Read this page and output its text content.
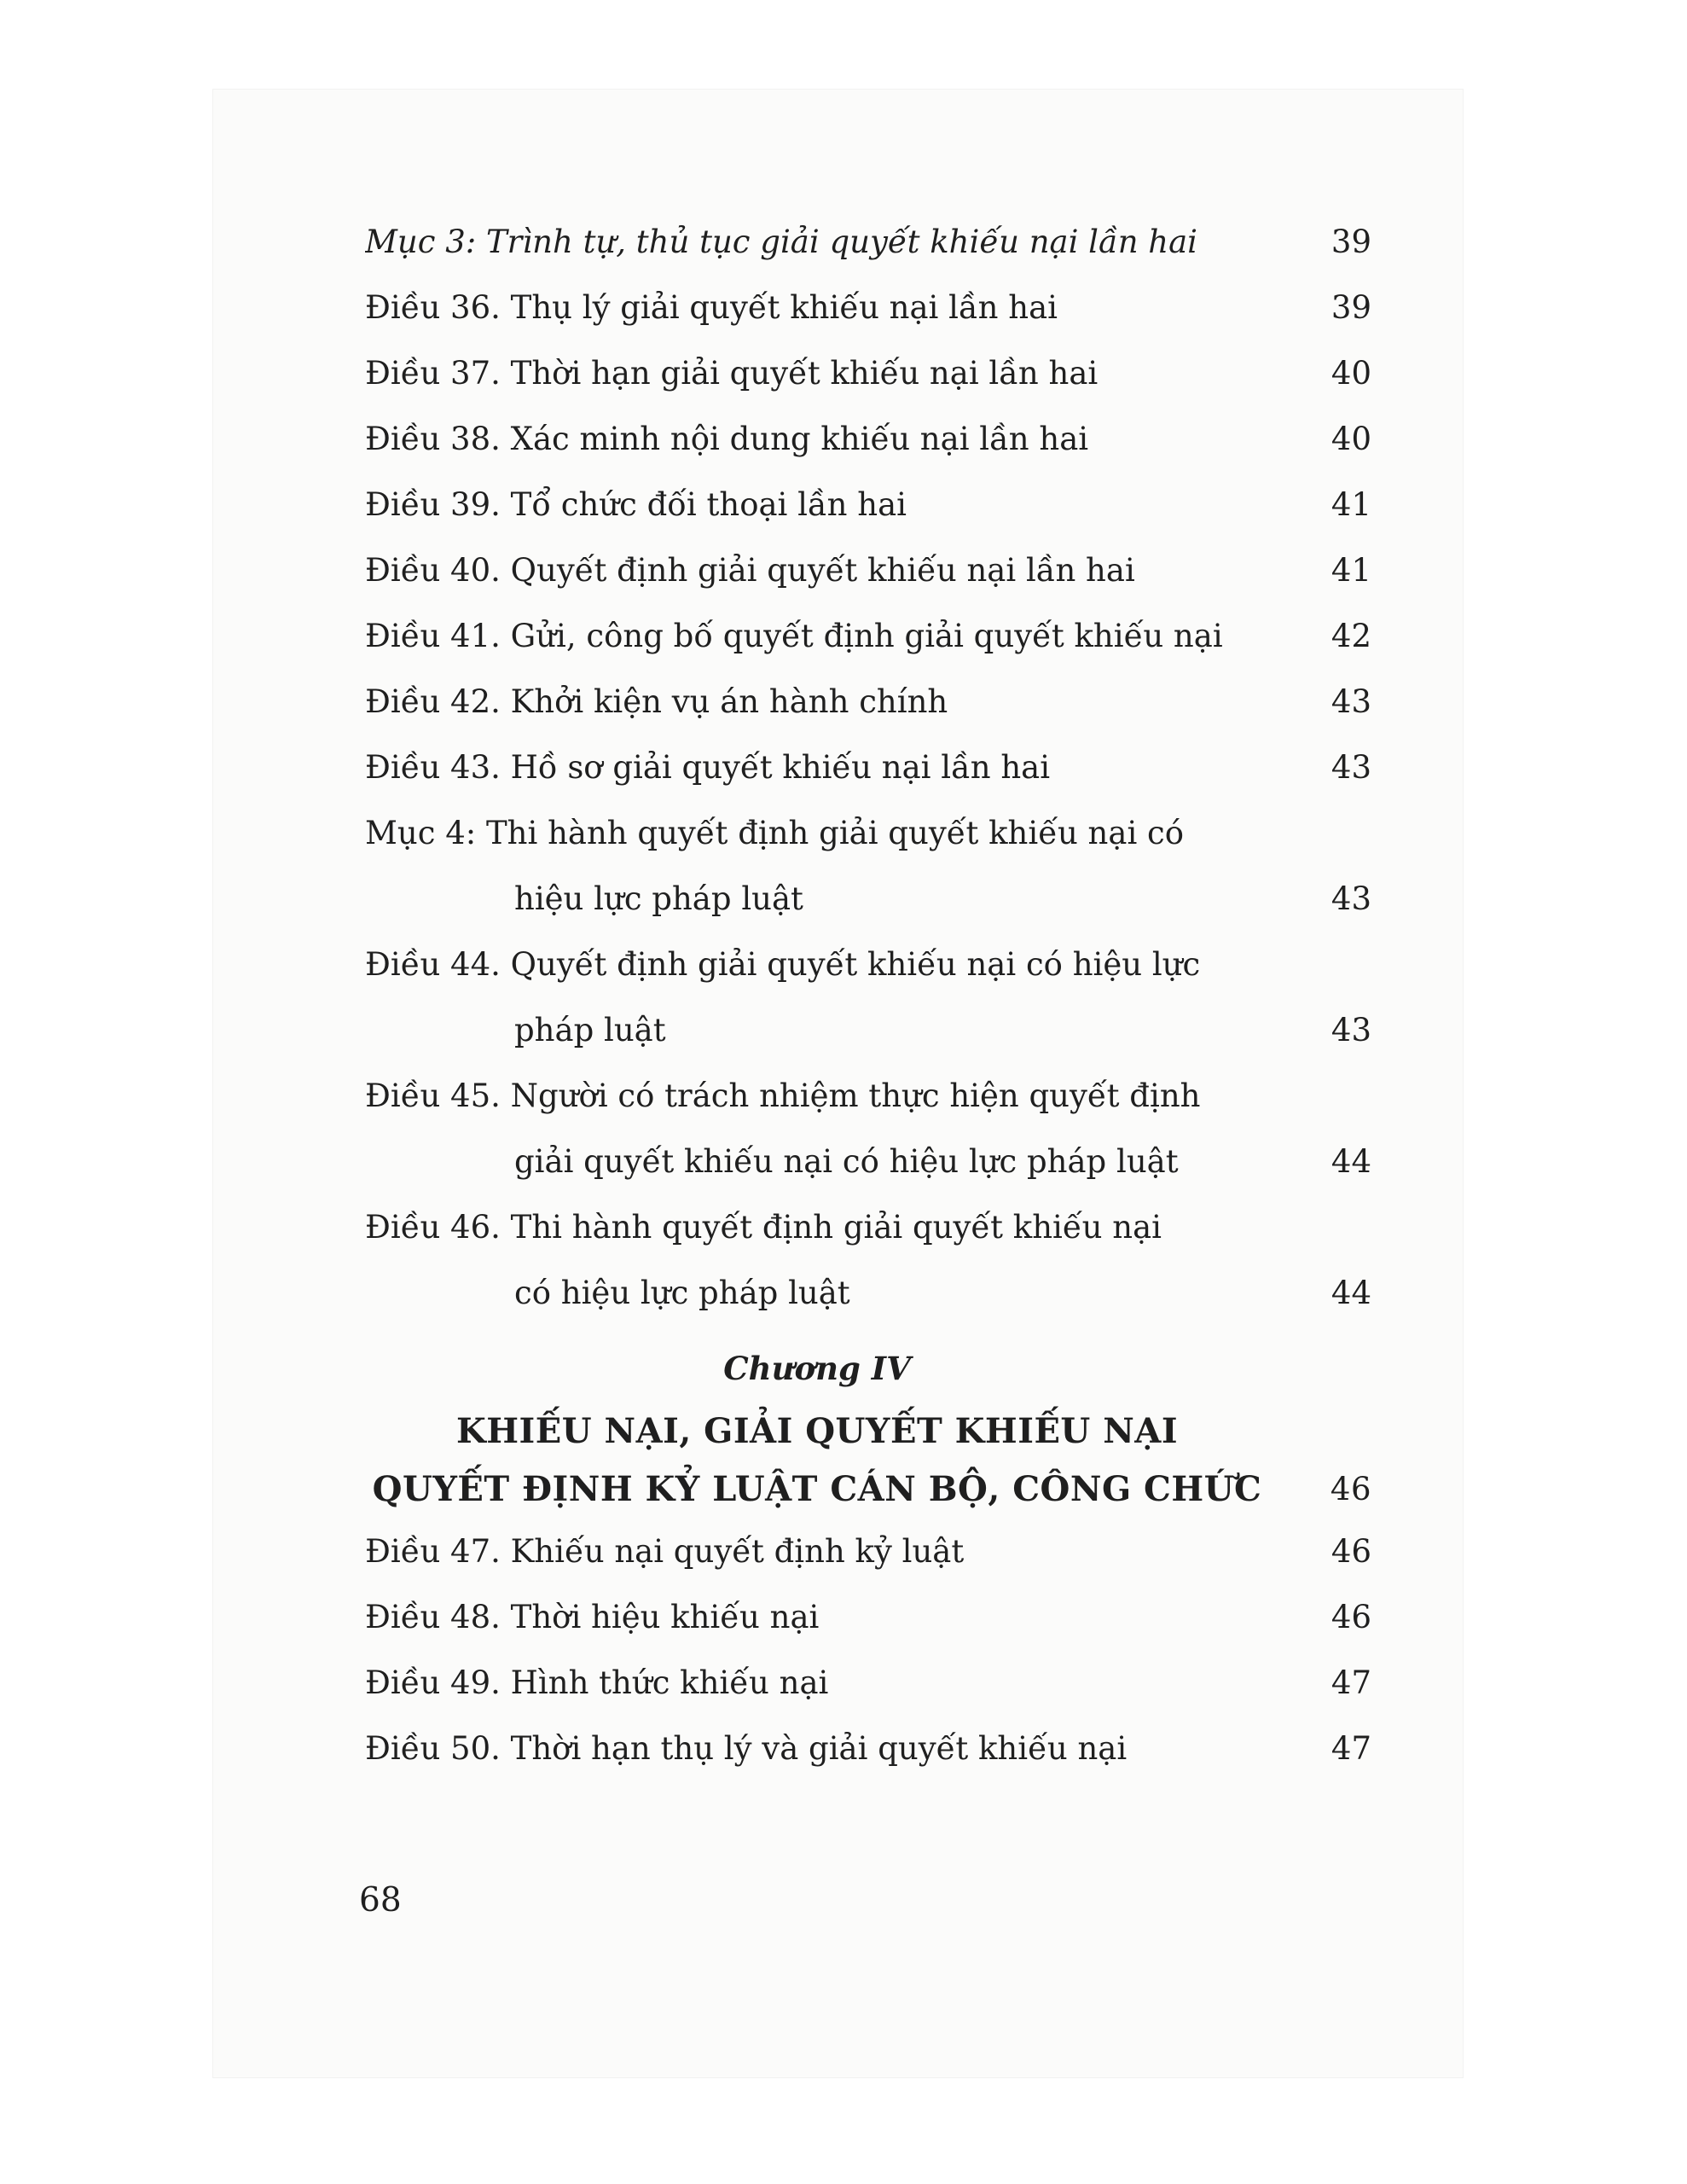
Mục 3: Trình tự, thủ tục giải quyết khiếu nại lần hai	39
Điều 36. Thụ lý giải quyết khiếu nại lần hai	39
Điều 37. Thời hạn giải quyết khiếu nại lần hai	40
Điều 38. Xác minh nội dung khiếu nại lần hai	40
Điều 39. Tổ chức đối thoại lần hai	41
Điều 40. Quyết định giải quyết khiếu nại lần hai	41
Điều 41. Gửi, công bố quyết định giải quyết khiếu nại	42
Điều 42. Khởi kiện vụ án hành chính	43
Điều 43. Hồ sơ giải quyết khiếu nại lần hai	43
Mục 4: Thi hành quyết định giải quyết khiếu nại có
hiệu lực pháp luật	43
Điều 44. Quyết định giải quyết khiếu nại có hiệu lực
pháp luật	43
Điều 45. Người có trách nhiệm thực hiện quyết định
giải quyết khiếu nại có hiệu lực pháp luật	44
Điều 46. Thi hành quyết định giải quyết khiếu nại
có hiệu lực pháp luật	44
Chương IV
KHIẾU NẠI, GIẢI QUYẾT KHIẾU NẠI
QUYẾT ĐỊNH KỶ LUẬT CÁN BỘ, CÔNG CHỨC	46
Điều 47. Khiếu nại quyết định kỷ luật	46
Điều 48. Thời hiệu khiếu nại	46
Điều 49. Hình thức khiếu nại	47
Điều 50. Thời hạn thụ lý và giải quyết khiếu nại	47
68
